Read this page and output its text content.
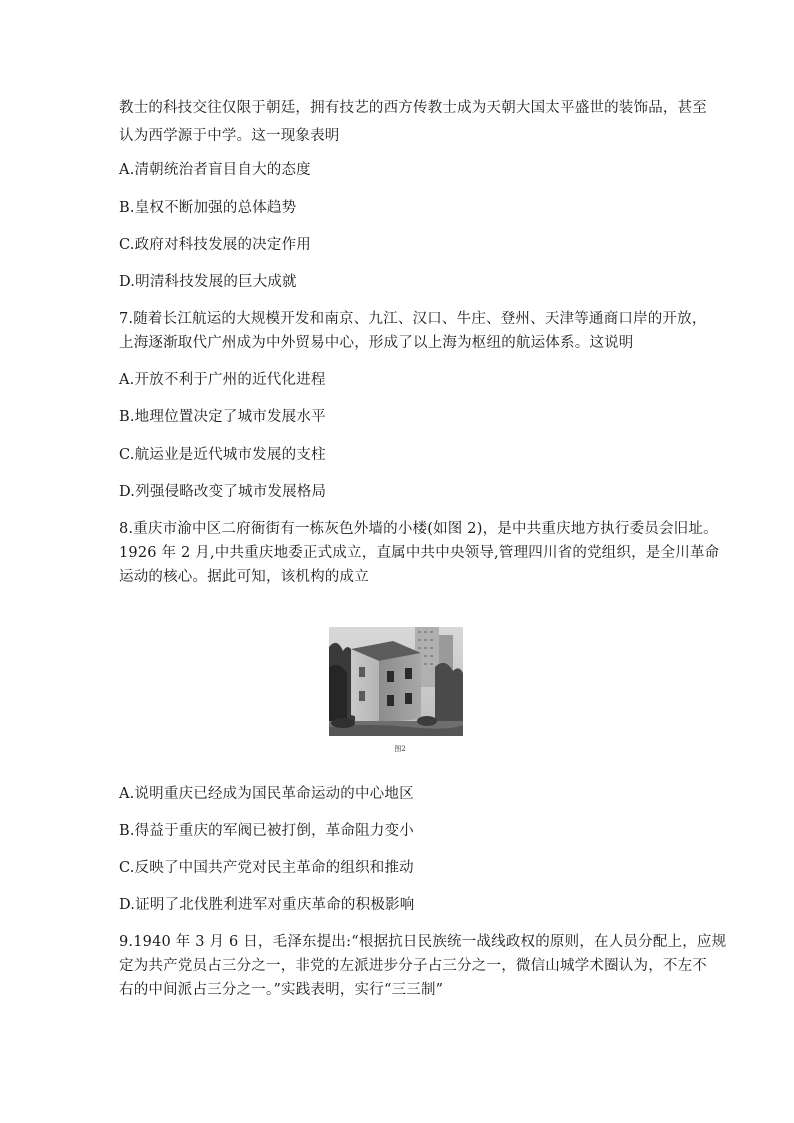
教士的科技交往仅限于朝廷，拥有技艺的西方传教士成为天朝大国太平盛世的装饰品，甚至
认为西学源于中学。这一现象表明
A.清朝统治者盲目自大的态度
B.皇权不断加强的总体趋势
C.政府对科技发展的决定作用
D.明清科技发展的巨大成就
7.随着长江航运的大规模开发和南京、九江、汉口、牛庄、登州、天津等通商口岸的开放，
上海逐渐取代广州成为中外贸易中心，形成了以上海为枢纽的航运体系。这说明
A.开放不利于广州的近代化进程
B.地理位置决定了城市发展水平
C.航运业是近代城市发展的支柱
D.列强侵略改变了城市发展格局
8.重庆市渝中区二府衙街有一栋灰色外墙的小楼(如图 2)，是中共重庆地方执行委员会旧址。
1926 年 2 月,中共重庆地委正式成立，直属中共中央领导,管理四川省的党组织，是全川革命
运动的核心。据此可知，该机构的成立
图2
A.说明重庆已经成为国民革命运动的中心地区
B.得益于重庆的军阀已被打倒，革命阻力变小
C.反映了中国共产党对民主革命的组织和推动
D.证明了北伐胜利进军对重庆革命的积极影响
9.1940 年 3 月 6 日，毛泽东提出:“根据抗日民族统一战线政权的原则，在人员分配上，应规
定为共产党员占三分之一，非党的左派进步分子占三分之一，微信山城学术圈认为，不左不
右的中间派占三分之一。”实践表明，实行“三三制”
